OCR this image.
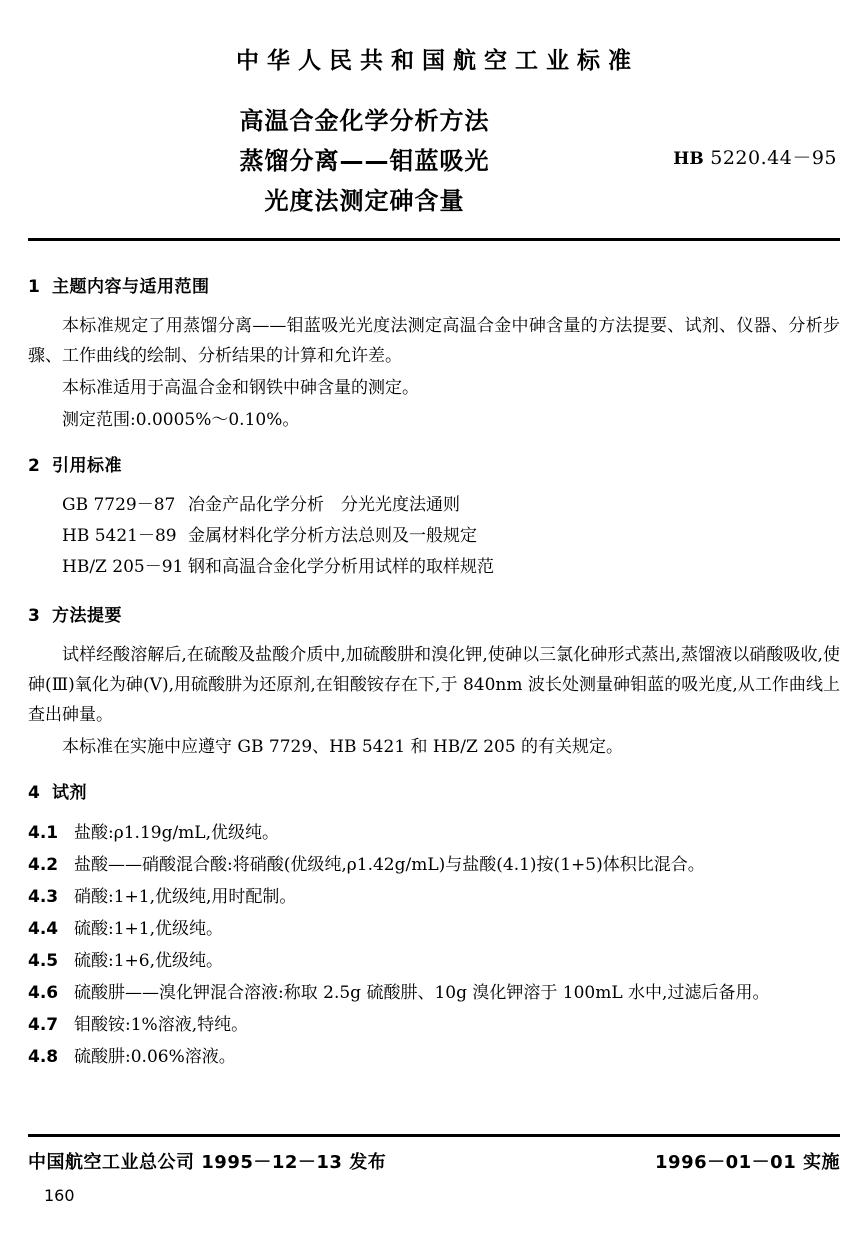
中华人民共和国航空工业标准
高温合金化学分析方法
蒸馏分离——钼蓝吸光
光度法测定砷含量
HB 5220.44－95
1 主题内容与适用范围

本标准规定了用蒸馏分离——钼蓝吸光光度法测定高温合金中砷含量的方法提要、试剂、仪器、分析步骤、工作曲线的绘制、分析结果的计算和允许差。

本标准适用于高温合金和钢铁中砷含量的测定。

测定范围:0.0005%～0.10%。

2 引用标准
GB 7729－87 冶金产品化学分析　分光光度法通则
HB 5421－89 金属材料化学分析方法总则及一般规定
HB/Z 205－91 钢和高温合金化学分析用试样的取样规范
3 方法提要

试样经酸溶解后,在硫酸及盐酸介质中,加硫酸肼和溴化钾,使砷以三氯化砷形式蒸出,蒸馏液以硝酸吸收,使砷(Ⅲ)氧化为砷(Ⅴ),用硫酸肼为还原剂,在钼酸铵存在下,于 840nm 波长处测量砷钼蓝的吸光度,从工作曲线上查出砷量。

本标准在实施中应遵守 GB 7729、HB 5421 和 HB/Z 205 的有关规定。

4 试剂
4.1 盐酸:ρ1.19g/mL,优级纯。
4.2 盐酸——硝酸混合酸:将硝酸(优级纯,ρ1.42g/mL)与盐酸(4.1)按(1+5)体积比混合。
4.3 硝酸:1+1,优级纯,用时配制。
4.4 硫酸:1+1,优级纯。
4.5 硫酸:1+6,优级纯。
4.6 硫酸肼——溴化钾混合溶液:称取 2.5g 硫酸肼、10g 溴化钾溶于 100mL 水中,过滤后备用。
4.7 钼酸铵:1%溶液,特纯。
4.8 硫酸肼:0.06%溶液。
中国航空工业总公司 1995－12－13 发布	1996－01－01 实施
160
